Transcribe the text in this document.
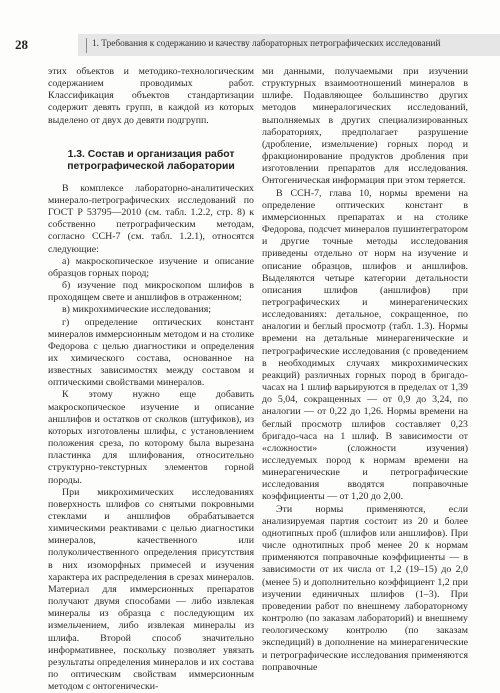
28	1. Требования к содержанию и качеству лабораторных петрографических исследований

этих объектов и методико-технологическим содержанием проводимых работ. Классификация объектов стандартизации содержит девять групп, в каждой из которых выделено от двух до девяти подгрупп.

1.3. Состав и организация работ
петрографической лаборатории

В комплексе лабораторно-аналитических минерало-петрографических исследований по ГОСТ Р 53795—2010 (см. табл. 1.2.2, стр. 8) к собственно петрографическим методам, согласно ССН-7 (см. табл. 1.2.1), относятся следующие:

а) макроскопическое изучение и описание образцов горных пород;

б) изучение под микроскопом шлифов в проходящем свете и аншлифов в отраженном;

в) микрохимические исследования;

г) определение оптических констант минералов иммерсионным методом и на столике Федорова с целью диагностики и определения их химического состава, основанное на известных зависимостях между составом и оптическими свойствами минералов.

К этому нужно еще добавить макроскопическое изучение и описание аншлифов и остатков от сколков (штуфиков), из которых изготовлены шлифы, с установлением положения среза, по которому была вырезана пластинка для шлифования, относительно структурно-текстурных элементов горной породы.

При микрохимических исследованиях поверхность шлифов со снятыми покровными стеклами и аншлифов обрабатывается химическими реактивами с целью диагностики минералов, качественного или полуколичественного определения присутствия в них изоморфных примесей и изучения характера их распределения в срезах минералов. Материал для иммерсионных препаратов получают двумя способами — либо извлекая минералы из образца с последующим их измельчением, либо извлекая минералы из шлифа. Второй способ значительно информативнее, поскольку позволяет увязать результаты определения минералов и их состава по оптическим свойствам иммерсионным методом с онтогенически-

ми данными, получаемыми при изучении структурных взаимоотношений минералов в шлифе. Подавляющее большинство других методов минералогических исследований, выполняемых в других специализированных лабораториях, предполагает разрушение (дробление, измельчение) горных пород и фракционирование продуктов дробления при изготовлении препаратов для исследования. Онтогеническая информация при этом теряется.

В ССН-7, глава 10, нормы времени на определение оптических констант в иммерсионных препаратах и на столике Федорова, подсчет минералов пушинтегратором и другие точные методы исследования приведены отдельно от норм на изучение и описание образцов, шлифов и аншлифов. Выделяются четыре категории детальности описания шлифов (аншлифов) при петрографических и минерагенических исследованиях: детальное, сокращенное, по аналогии и беглый просмотр (табл. 1.3). Нормы времени на детальные минерагенические и петрографические исследования (с проведением в необходимых случаях микрохимических реакций) различных горных пород в бригадо-часах на 1 шлиф варьируются в пределах от 1,39 до 5,04, сокращенных — от 0,9 до 3,24, по аналогии — от 0,22 до 1,26. Нормы времени на беглый просмотр шлифов составляет 0,23 бригадо-часа на 1 шлиф. В зависимости от «сложности» (сложности изучения) исследуемых пород к нормам времени на минерагенические и петрографические исследования вводятся поправочные коэффициенты — от 1,20 до 2,00.

Эти нормы применяются, если анализируемая партия состоит из 20 и более однотипных проб (шлифов или аншлифов). При числе однотипных проб менее 20 к нормам применяются поправочные коэффициенты — в зависимости от их числа от 1,2 (19–15) до 2,0 (менее 5) и дополнительно коэффициент 1,2 при изучении единичных шлифов (1–3). При проведении работ по внешнему лабораторному контролю (по заказам лабораторий) и внешнему геологическому контролю (по заказам экспедиций) в дополнение на минерагенические и петрографические исследования применяются поправочные
